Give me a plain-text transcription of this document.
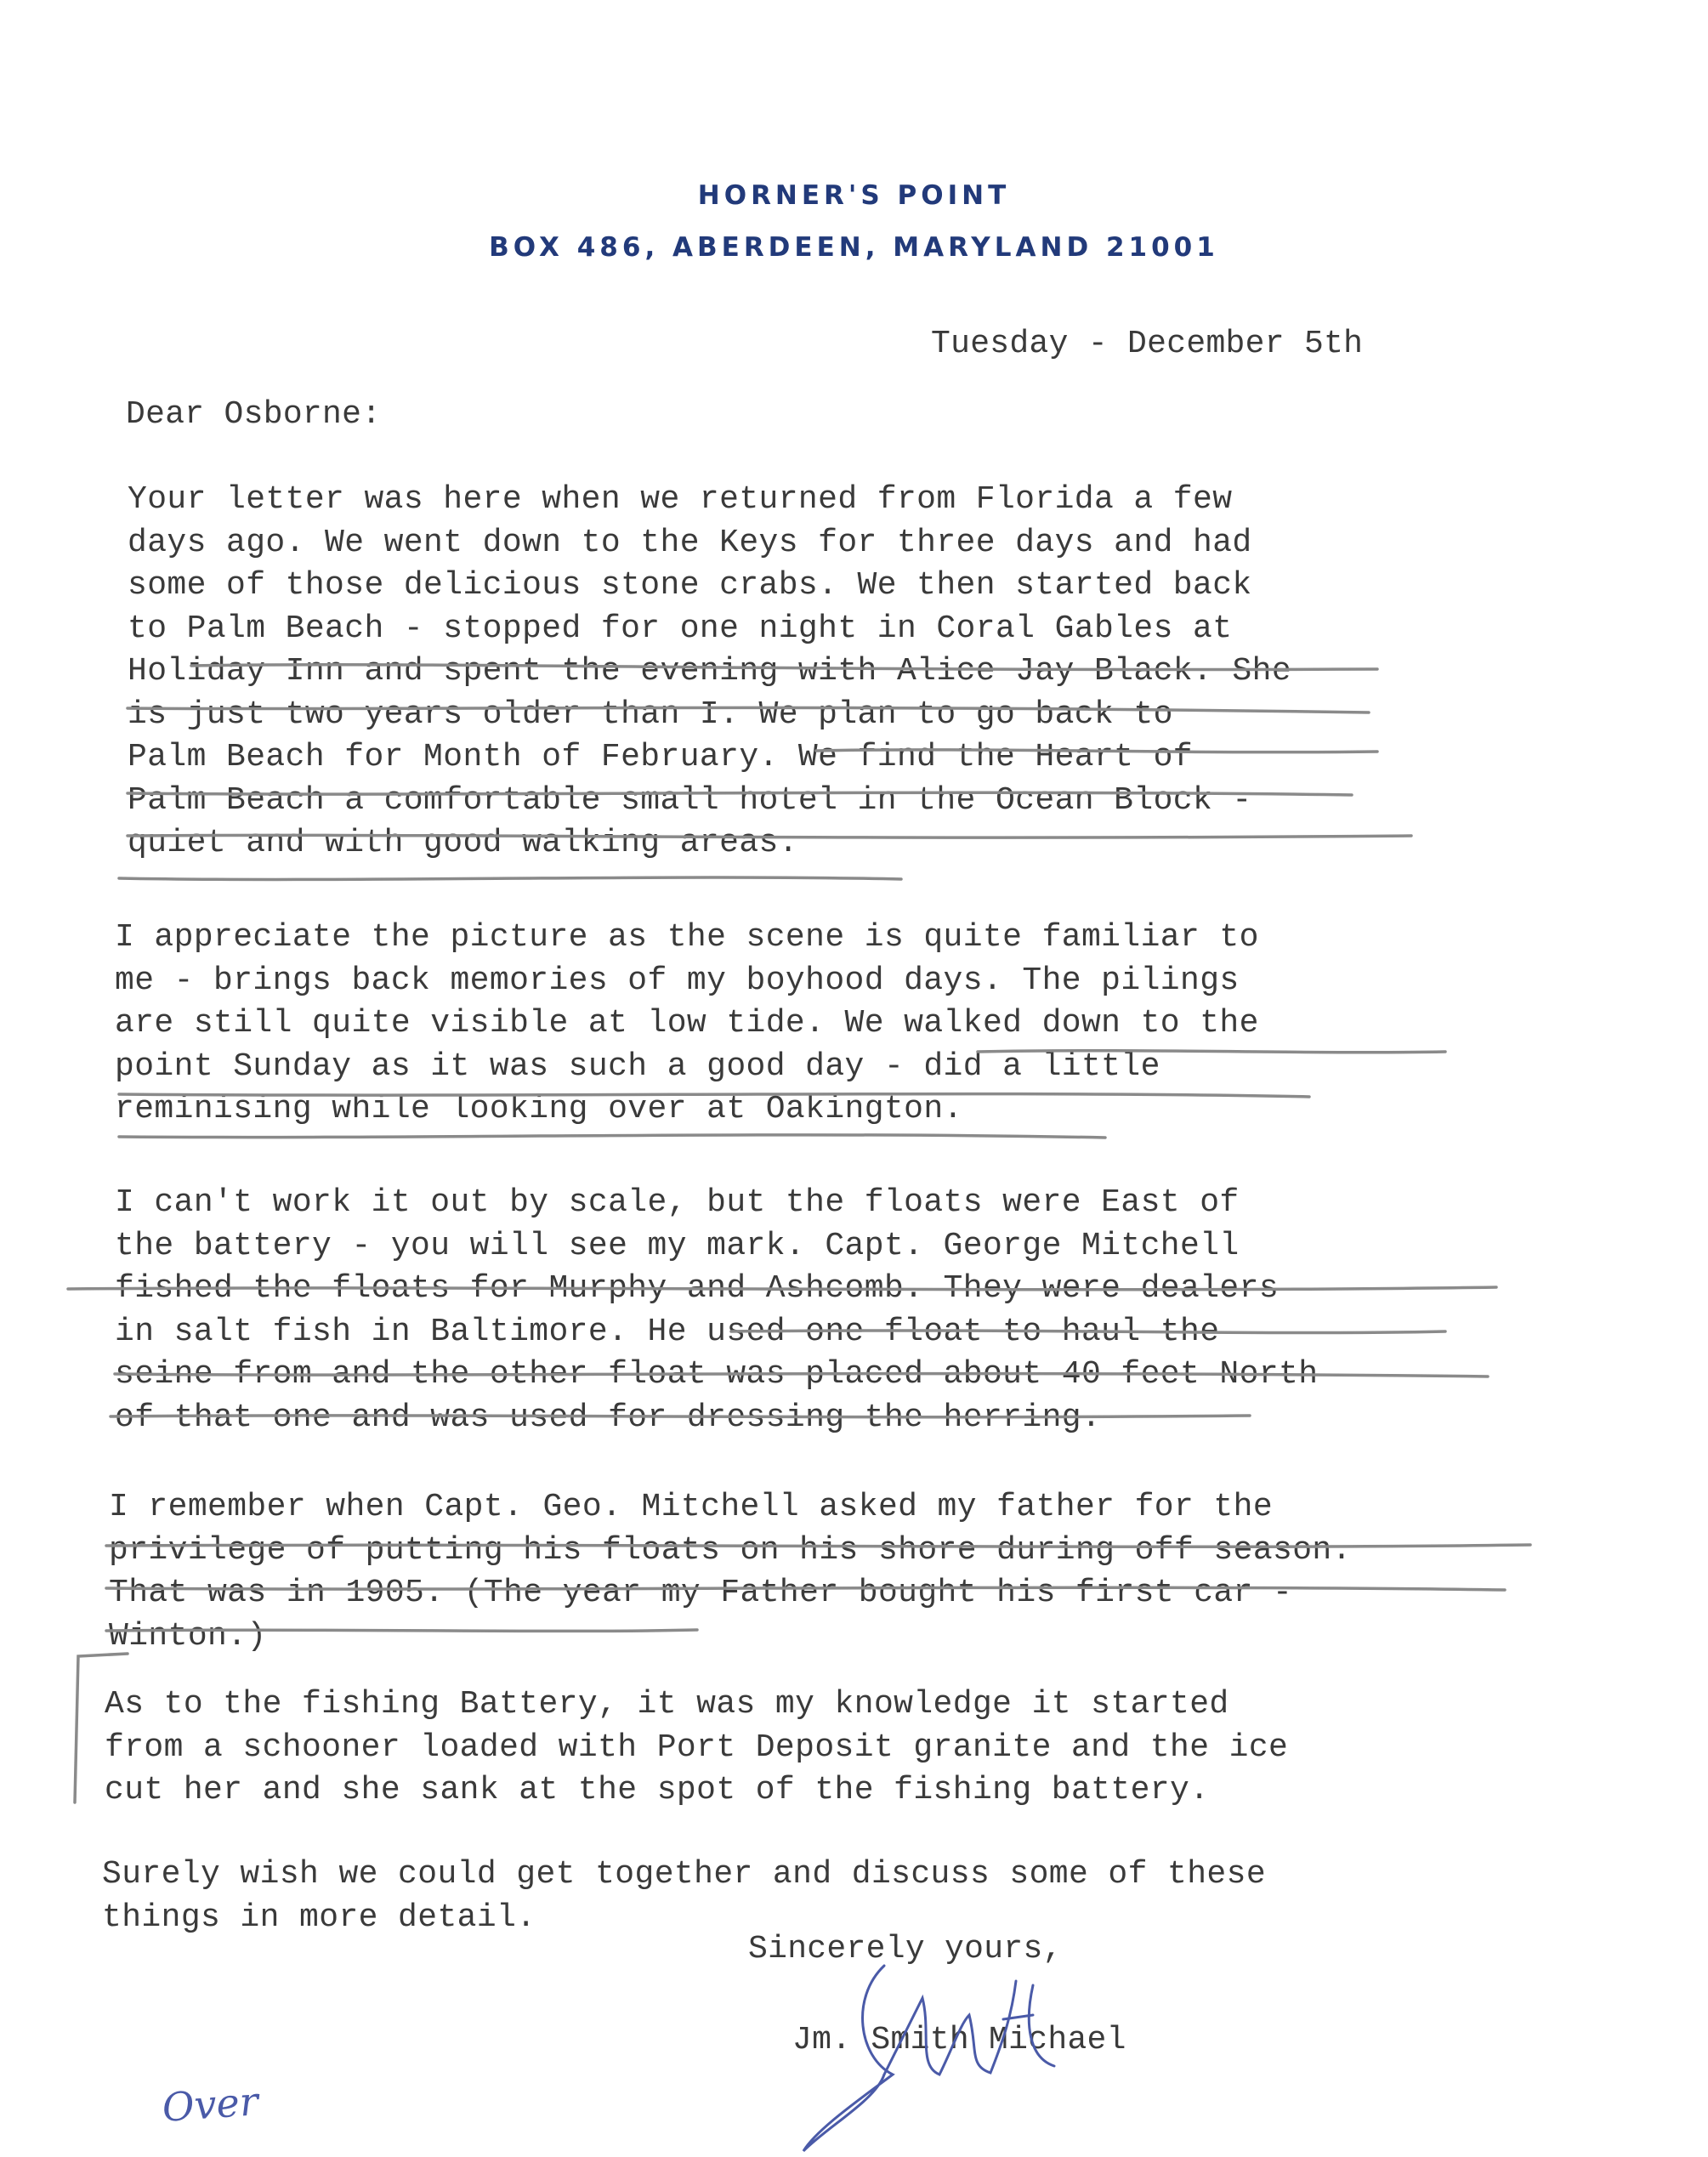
HORNER'S POINT
BOX 486, ABERDEEN, MARYLAND 21001
Tuesday - December 5th
Dear Osborne:
Your letter was here when we returned from Florida a few
days ago. We went down to the Keys for three days and had
some of those delicious stone crabs. We then started back
to Palm Beach - stopped for one night in Coral Gables at
Holiday Inn and spent the evening with Alice Jay Black. She
is just two years older than I. We plan to go back to
Palm Beach for Month of February. We find the Heart of
Palm Beach a comfortable small hotel in the Ocean Block -
quiet and with good walking areas.
I appreciate the picture as the scene is quite familiar to
me - brings back memories of my boyhood days. The pilings
are still quite visible at low tide. We walked down to the
point Sunday as it was such a good day - did a little
reminising while looking over at Oakington.
I can't work it out by scale, but the floats were East of
the battery - you will see my mark. Capt. George Mitchell
fished the floats for Murphy and Ashcomb. They were dealers
in salt fish in Baltimore. He used one float to haul the
seine from and the other float was placed about 40 feet North
of that one and was used for dressing the herring.
I remember when Capt. Geo. Mitchell asked my father for the
privilege of putting his floats on his shore during off season.
That was in 1905. (The year my Father bought his first car -
Winton.)
As to the fishing Battery, it was my knowledge it started
from a schooner loaded with Port Deposit granite and the ice
cut her and she sank at the spot of the fishing battery.
Surely wish we could get together and discuss some of these
things in more detail.
Sincerely yours,
Jm. Smith Michael
Smith
Over
